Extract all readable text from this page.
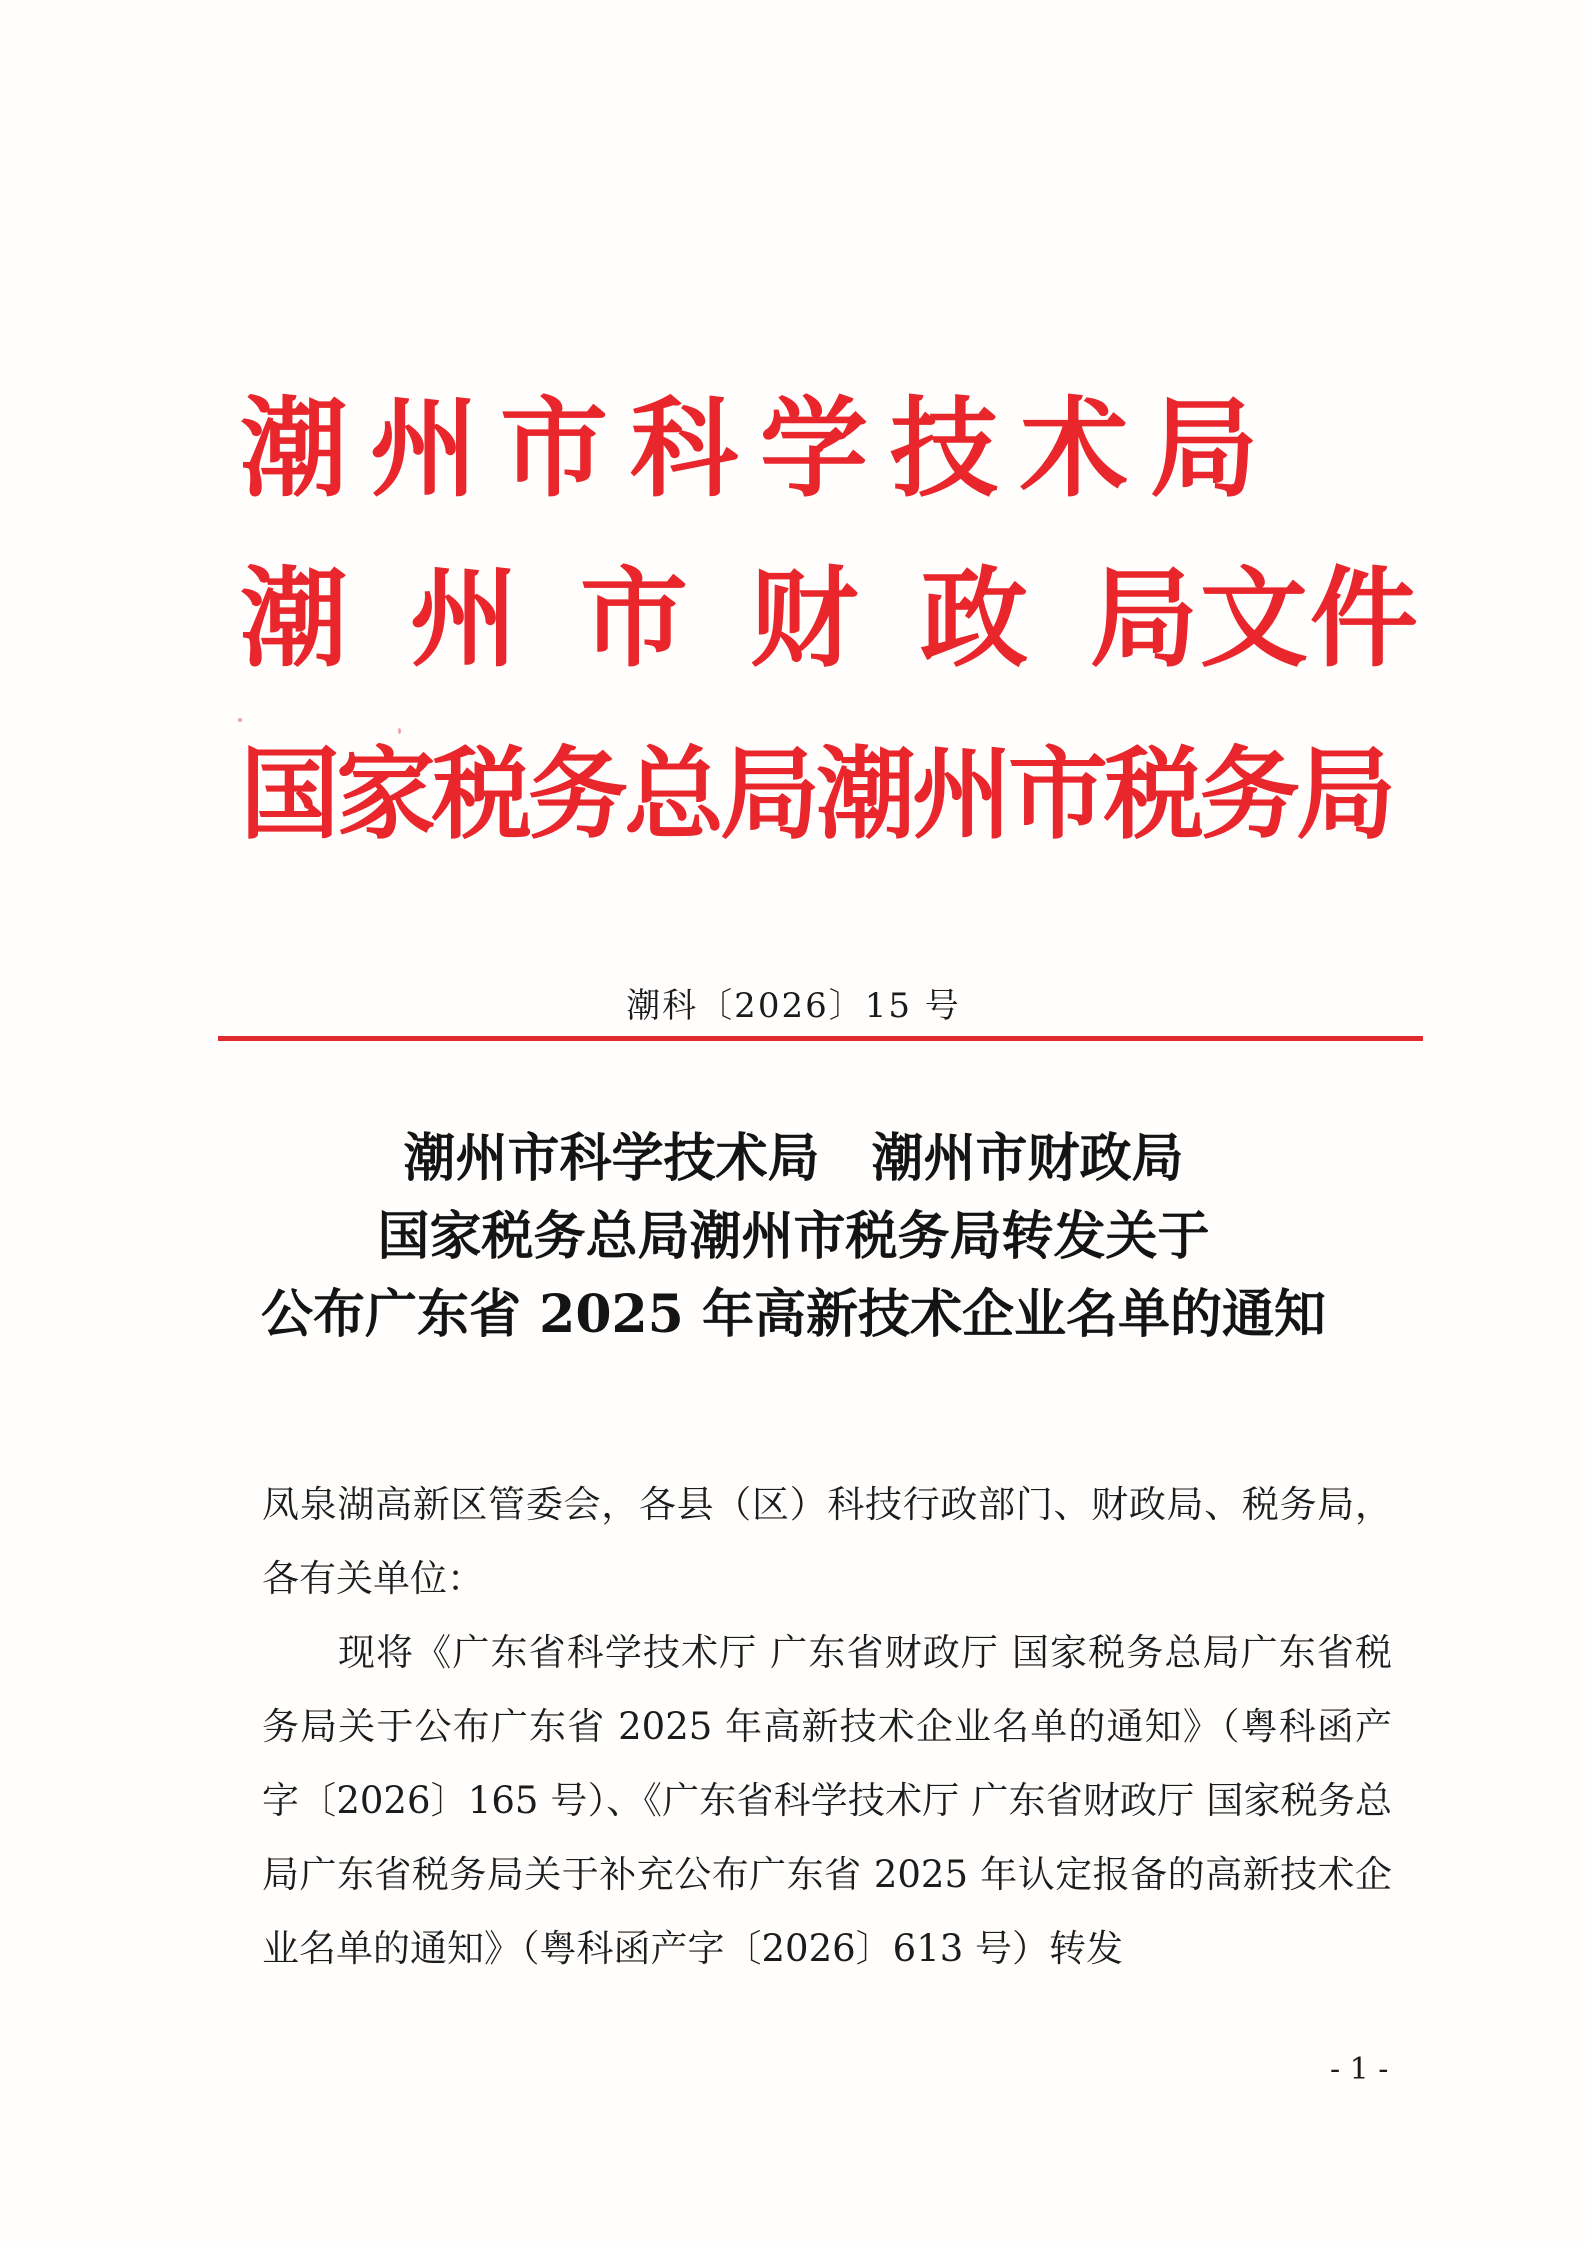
潮州市科学技术局
潮 州 市 财 政 局文件
国家税务总局潮州市税务局
潮科〔2026〕15 号
潮州市科学技术局　潮州市财政局
国家税务总局潮州市税务局转发关于
公布广东省 2025 年高新技术企业名单的通知

凤泉湖高新区管委会，各县（区）科技行政部门、财政局、税务局，各有关单位：

现将《广东省科学技术厅 广东省财政厅 国家税务总局广东省税务局关于公布广东省 2025 年高新技术企业名单的通知》（粤科函产字〔2026〕165 号）、《广东省科学技术厅 广东省财政厅 国家税务总局广东省税务局关于补充公布广东省 2025 年认定报备的高新技术企业名单的通知》（粤科函产字〔2026〕613 号）转发

- 1 -
